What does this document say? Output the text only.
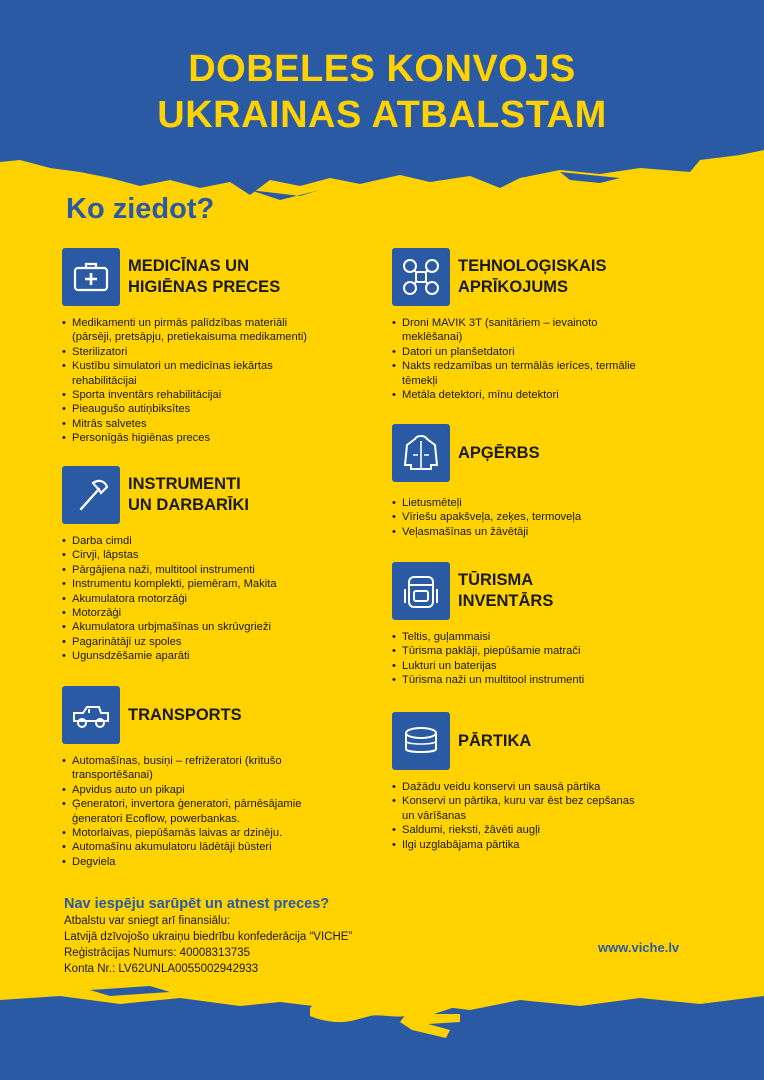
DOBELES KONVOJS
UKRAINAS ATBALSTAM
Ko ziedot?
MEDICĪNAS UN
HIGIĒNAS PRECES
• Medikamenti un pirmās palīdzības materiāli
(pārsēji, pretsāpju, pretiekaisuma medikamenti)
• Sterilizatori
• Kustību simulatori un medicīnas iekārtas
rehabilitācijai
• Sporta inventārs rehabilitācijai
• Pieaugušo autiņbiksītes
• Mitrās salvetes
• Personīgās higiēnas preces
INSTRUMENTI
UN DARBARĪKI
• Darba cimdi
• Cirvji, lāpstas
• Pārgājiena naži, multitool instrumenti
• Instrumentu komplekti, piemēram, Makita
• Akumulatora motorzāģi
• Motorzāģi
• Akumulatora urbjmašīnas un skrūvgrieži
• Pagarinātāji uz spoles
• Ugunsdzēšamie aparāti
TRANSPORTS
• Automašīnas, busiņi – refrižeratori (kritušo
transportēšanai)
• Apvidus auto un pikapi
• Ģeneratori, invertora ģeneratori, pārnēsājamie
ģeneratori Ecoflow, powerbankas.
• Motorlaivas, piepūšamās laivas ar dzinēju.
• Automašīnu akumulatoru lādētāji būsteri
• Degviela
TEHNOLOĢISKAIS
APRĪKOJUMS
• Droni MAVIK 3T (sanitāriem – ievainoto
meklēšanai)
• Datori un planšetdatori
• Nakts redzamības un termālās ierīces, termālie
tēmekļi
• Metāla detektori, mīnu detektori
APĢĒRBS
• Lietusmēteļi
• Vīriešu apakšveļa, zeķes, termoveļa
• Veļasmašīnas un žāvētāji
TŪRISMA
INVENTĀRS
• Teltis, guļammaisi
• Tūrisma paklāji, piepūšamie matrači
• Lukturi un baterijas
• Tūrisma naži un multitool instrumenti
PĀRTIKA
• Dažādu veidu konservi un sausā pārtika
• Konservi un pārtika, kuru var ēst bez cepšanas
un vārīšanas
• Saldumi, rieksti, žāvēti augļi
• Ilgi uzglabājama pārtika
Nav iespēju sarūpēt un atnest preces?
Atbalstu var sniegt arī finansiālu:
Latvijā dzīvojošo ukraiņu biedrību konfederācija “VICHE”
Reģistrācijas Numurs: 40008313735
Konta Nr.: LV62UNLA0055002942933
www.viche.lv
